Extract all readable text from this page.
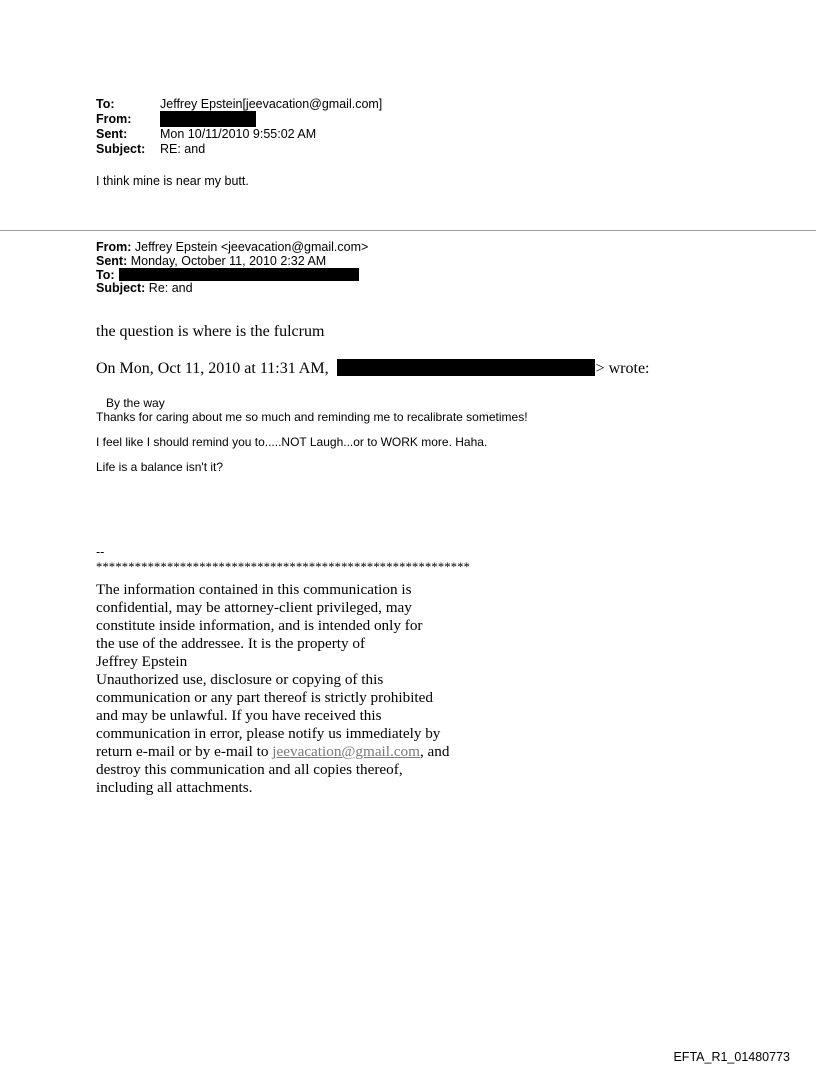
To:	Jeffrey Epstein[jeevacation@gmail.com]
From:
Sent:	Mon 10/11/2010 9:55:02 AM
Subject:	RE: and
I think mine is near my butt.
From: Jeffrey Epstein <jeevacation@gmail.com>
Sent: Monday, October 11, 2010 2:32 AM
To:
Subject: Re: and
the question is where is the fulcrum
On Mon, Oct 11, 2010 at 11:31 AM,	> wrote:
By the way
Thanks for caring about me so much and reminding me to recalibrate sometimes!
I feel like I should remind you to.....NOT Laugh...or to WORK more. Haha.
Life is a balance isn't it?
--
**********************************************************
The information contained in this communication is
confidential, may be attorney-client privileged, may
constitute inside information, and is intended only for
the use of the addressee. It is the property of
Jeffrey Epstein
Unauthorized use, disclosure or copying of this
communication or any part thereof is strictly prohibited
and may be unlawful. If you have received this
communication in error, please notify us immediately by
return e-mail or by e-mail to jeevacation@gmail.com, and
destroy this communication and all copies thereof,
including all attachments.
EFTA_R1_01480773
